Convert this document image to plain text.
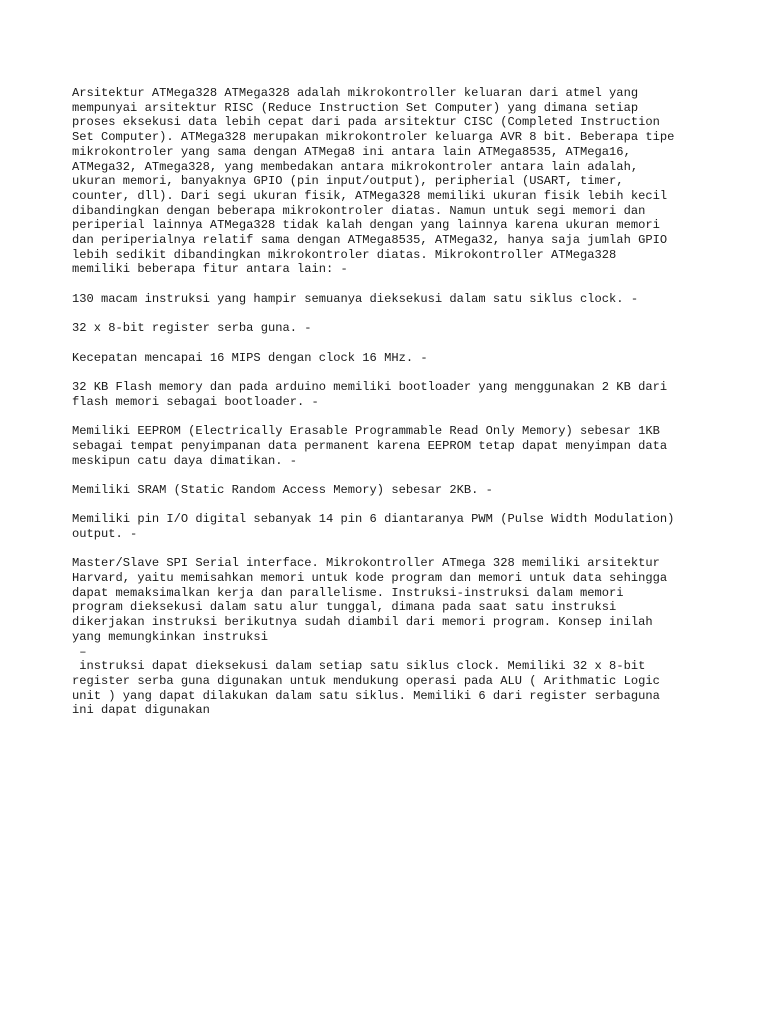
Arsitektur ATMega328 ATMega328 adalah mikrokontroller keluaran dari atmel yang
mempunyai arsitektur RISC (Reduce Instruction Set Computer) yang dimana setiap
proses eksekusi data lebih cepat dari pada arsitektur CISC (Completed Instruction
Set Computer). ATMega328 merupakan mikrokontroler keluarga AVR 8 bit. Beberapa tipe
mikrokontroler yang sama dengan ATMega8 ini antara lain ATMega8535, ATMega16,
ATMega32, ATmega328, yang membedakan antara mikrokontroler antara lain adalah,
ukuran memori, banyaknya GPIO (pin input/output), peripherial (USART, timer,
counter, dll). Dari segi ukuran fisik, ATMega328 memiliki ukuran fisik lebih kecil
dibandingkan dengan beberapa mikrokontroler diatas. Namun untuk segi memori dan
periperial lainnya ATMega328 tidak kalah dengan yang lainnya karena ukuran memori
dan periperialnya relatif sama dengan ATMega8535, ATMega32, hanya saja jumlah GPIO
lebih sedikit dibandingkan mikrokontroler diatas. Mikrokontroller ATMega328
memiliki beberapa fitur antara lain: -

130 macam instruksi yang hampir semuanya dieksekusi dalam satu siklus clock. -

32 x 8-bit register serba guna. -

Kecepatan mencapai 16 MIPS dengan clock 16 MHz. -

32 KB Flash memory dan pada arduino memiliki bootloader yang menggunakan 2 KB dari
flash memori sebagai bootloader. -

Memiliki EEPROM (Electrically Erasable Programmable Read Only Memory) sebesar 1KB
sebagai tempat penyimpanan data permanent karena EEPROM tetap dapat menyimpan data
meskipun catu daya dimatikan. -

Memiliki SRAM (Static Random Access Memory) sebesar 2KB. -

Memiliki pin I/O digital sebanyak 14 pin 6 diantaranya PWM (Pulse Width Modulation)
output. -

Master/Slave SPI Serial interface. Mikrokontroller ATmega 328 memiliki arsitektur
Harvard, yaitu memisahkan memori untuk kode program dan memori untuk data sehingga
dapat memaksimalkan kerja dan parallelisme. Instruksi-instruksi dalam memori
program dieksekusi dalam satu alur tunggal, dimana pada saat satu instruksi
dikerjakan instruksi berikutnya sudah diambil dari memori program. Konsep inilah
yang memungkinkan instruksi
–
instruksi dapat dieksekusi dalam setiap satu siklus clock. Memiliki 32 x 8-bit
register serba guna digunakan untuk mendukung operasi pada ALU ( Arithmatic Logic
unit ) yang dapat dilakukan dalam satu siklus. Memiliki 6 dari register serbaguna
ini dapat digunakan
